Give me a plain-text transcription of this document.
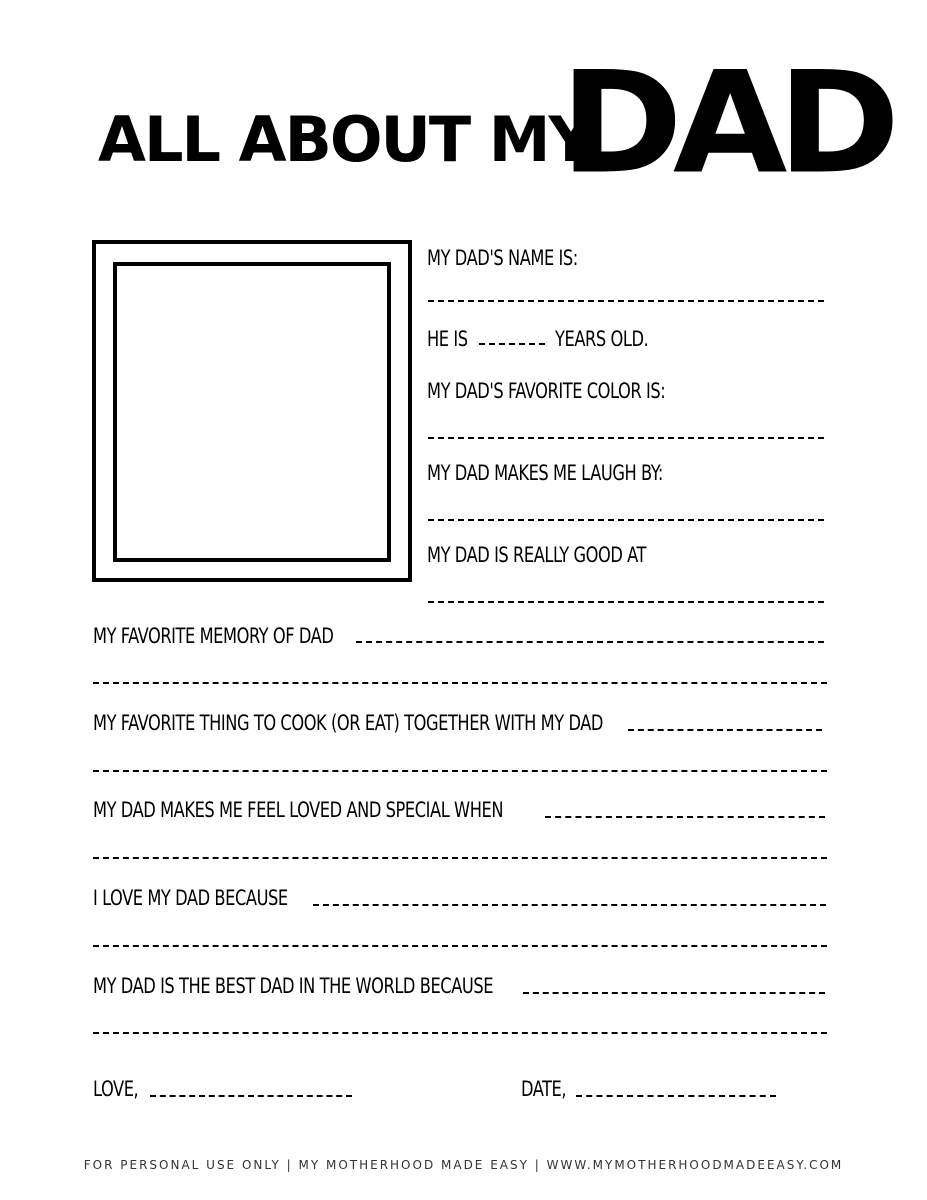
ALL ABOUT MY
DAD
MY DAD'S NAME IS:
HE IS	YEARS OLD.
MY DAD'S FAVORITE COLOR IS:
MY DAD MAKES ME LAUGH BY:
MY DAD IS REALLY GOOD AT
MY FAVORITE MEMORY OF DAD
MY FAVORITE THING TO COOK (OR EAT) TOGETHER WITH MY DAD
MY DAD MAKES ME FEEL LOVED AND SPECIAL WHEN
I LOVE MY DAD BECAUSE
MY DAD IS THE BEST DAD IN THE WORLD BECAUSE
LOVE,	DATE,
FOR PERSONAL USE ONLY | MY MOTHERHOOD MADE EASY | WWW.MYMOTHERHOODMADEEASY.COM
